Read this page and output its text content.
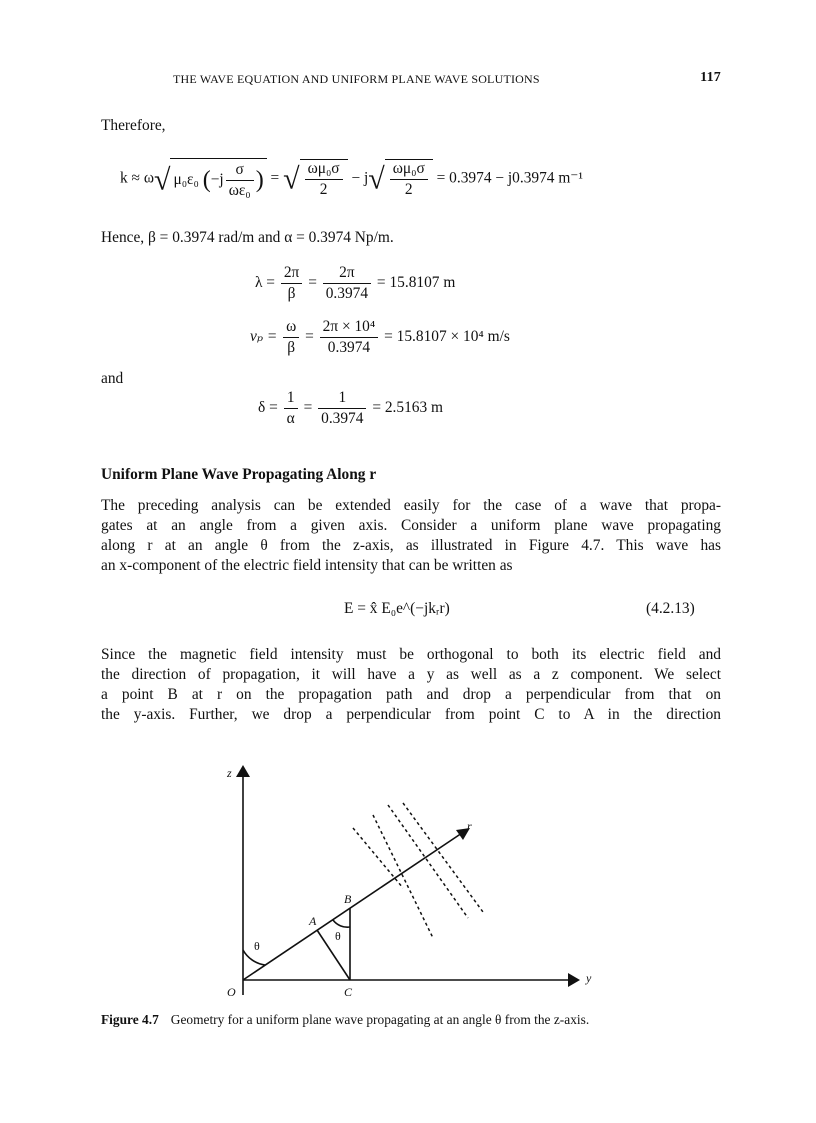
THE WAVE EQUATION AND UNIFORM PLANE WAVE SOLUTIONS	117
Therefore,
k ≈ ω√ μ₀ε₀ ($-j \frac{\sigma}{\text{ωε₀}}$ ) = √ $\frac{\text{ωμ₀σ}}{2} - j√ \frac{\text{ωμ₀σ}}{2} = 0.3974 - j0.3974$ m⁻¹
Hence, β = 0.3974 rad/m and α = 0.3974 Np/m.
$\lambda = \frac{2\pi}{\beta} = \frac{2\pi}{0.3974} = 15.8107$ m
$v_p = \frac{\omega}{\beta} = \frac{\text{2π × 10⁴}}{0.3974} = 15.8107 \times 10^4$ m/s
and
$\delta = \frac{1}{\alpha} = \frac{1}{0.3974} = 2.5163$ m
Uniform Plane Wave Propagating Along r
The preceding analysis can be extended easily for the case of a wave that propa-
gates at an angle from a given axis. Consider a uniform plane wave propagating
along r at an angle θ from the z-axis, as illustrated in Figure 4.7. This wave has
an x-component of the electric field intensity that can be written as
E = x̂ E₀e^(−jkᵣr)	(4.2.13)
Since the magnetic field intensity must be orthogonal to both its electric field and
the direction of propagation, it will have a y as well as a z component. We select
a point B at r on the propagation path and drop a perpendicular from that on
the y-axis. Further, we drop a perpendicular from point C to A in the direction
z
y
r
O
A
B
C
θ
θ
Figure 4.7 Geometry for a uniform plane wave propagating at an angle θ from the z-axis.
